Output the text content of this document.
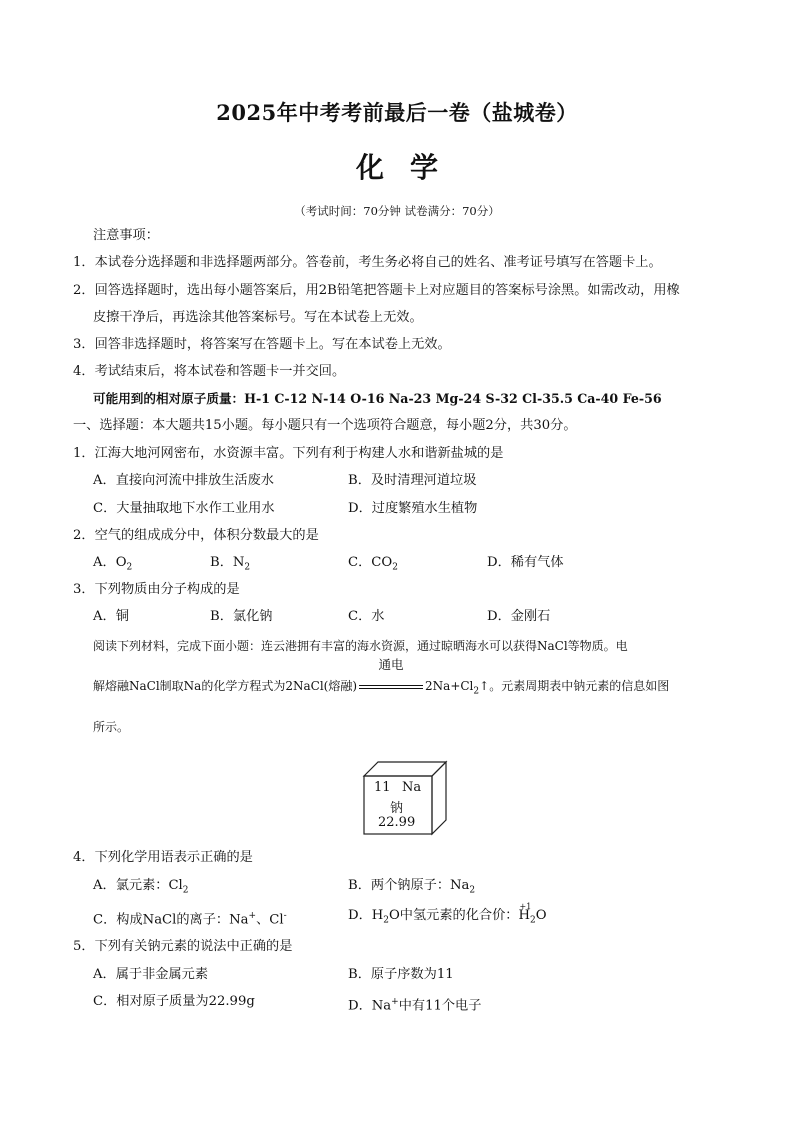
2025年中考考前最后一卷（盐城卷）
化学
（考试时间：70分钟 试卷满分：70分）
注意事项：
1．本试卷分选择题和非选择题两部分。答卷前，考生务必将自己的姓名、准考证号填写在答题卡上。
2．回答选择题时，选出每小题答案后，用2B铅笔把答题卡上对应题目的答案标号涂黑。如需改动，用橡
皮擦干净后，再选涂其他答案标号。写在本试卷上无效。
3．回答非选择题时，将答案写在答题卡上。写在本试卷上无效。
4．考试结束后，将本试卷和答题卡一并交回。
可能用到的相对原子质量：H-1 C-12 N-14 O-16 Na-23 Mg-24 S-32 Cl-35.5 Ca-40 Fe-56
一、选择题：本大题共15小题。每小题只有一个选项符合题意，每小题2分，共30分。
1．江海大地河网密布，水资源丰富。下列有利于构建人水和谐新盐城的是
A．直接向河流中排放生活废水	B．及时清理河道垃圾
C．大量抽取地下水作工业用水	D．过度繁殖水生植物
2．空气的组成成分中，体积分数最大的是
A．$O_2$	B．$N_2$	C．$CO_2$	D．稀有气体
3．下列物质由分子构成的是
A．铜	B．氯化钠	C．水	D．金刚石
阅读下列材料，完成下面小题：连云港拥有丰富的海水资源，通过晾晒海水可以获得NaCl等物质。电
解熔融NaCl制取Na的化学方程式为2NaCl(熔融)
通电
$2Na+Cl_2↑$。元素周期表中钠元素的信息如图
所示。
11 Na
钠
22.99
4．下列化学用语表示正确的是
A．氯元素：$Cl_2$	B．两个钠原子：$Na_2$
C．构成NaCl的离子：Na+、Cl-	D．$H_2O$中氢元素的化合价：
+1
$H_2O$
5．下列有关钠元素的说法中正确的是
A．属于非金属元素	B．原子序数为11
C．相对原子质量为22.99g	D．Na+中有11个电子
